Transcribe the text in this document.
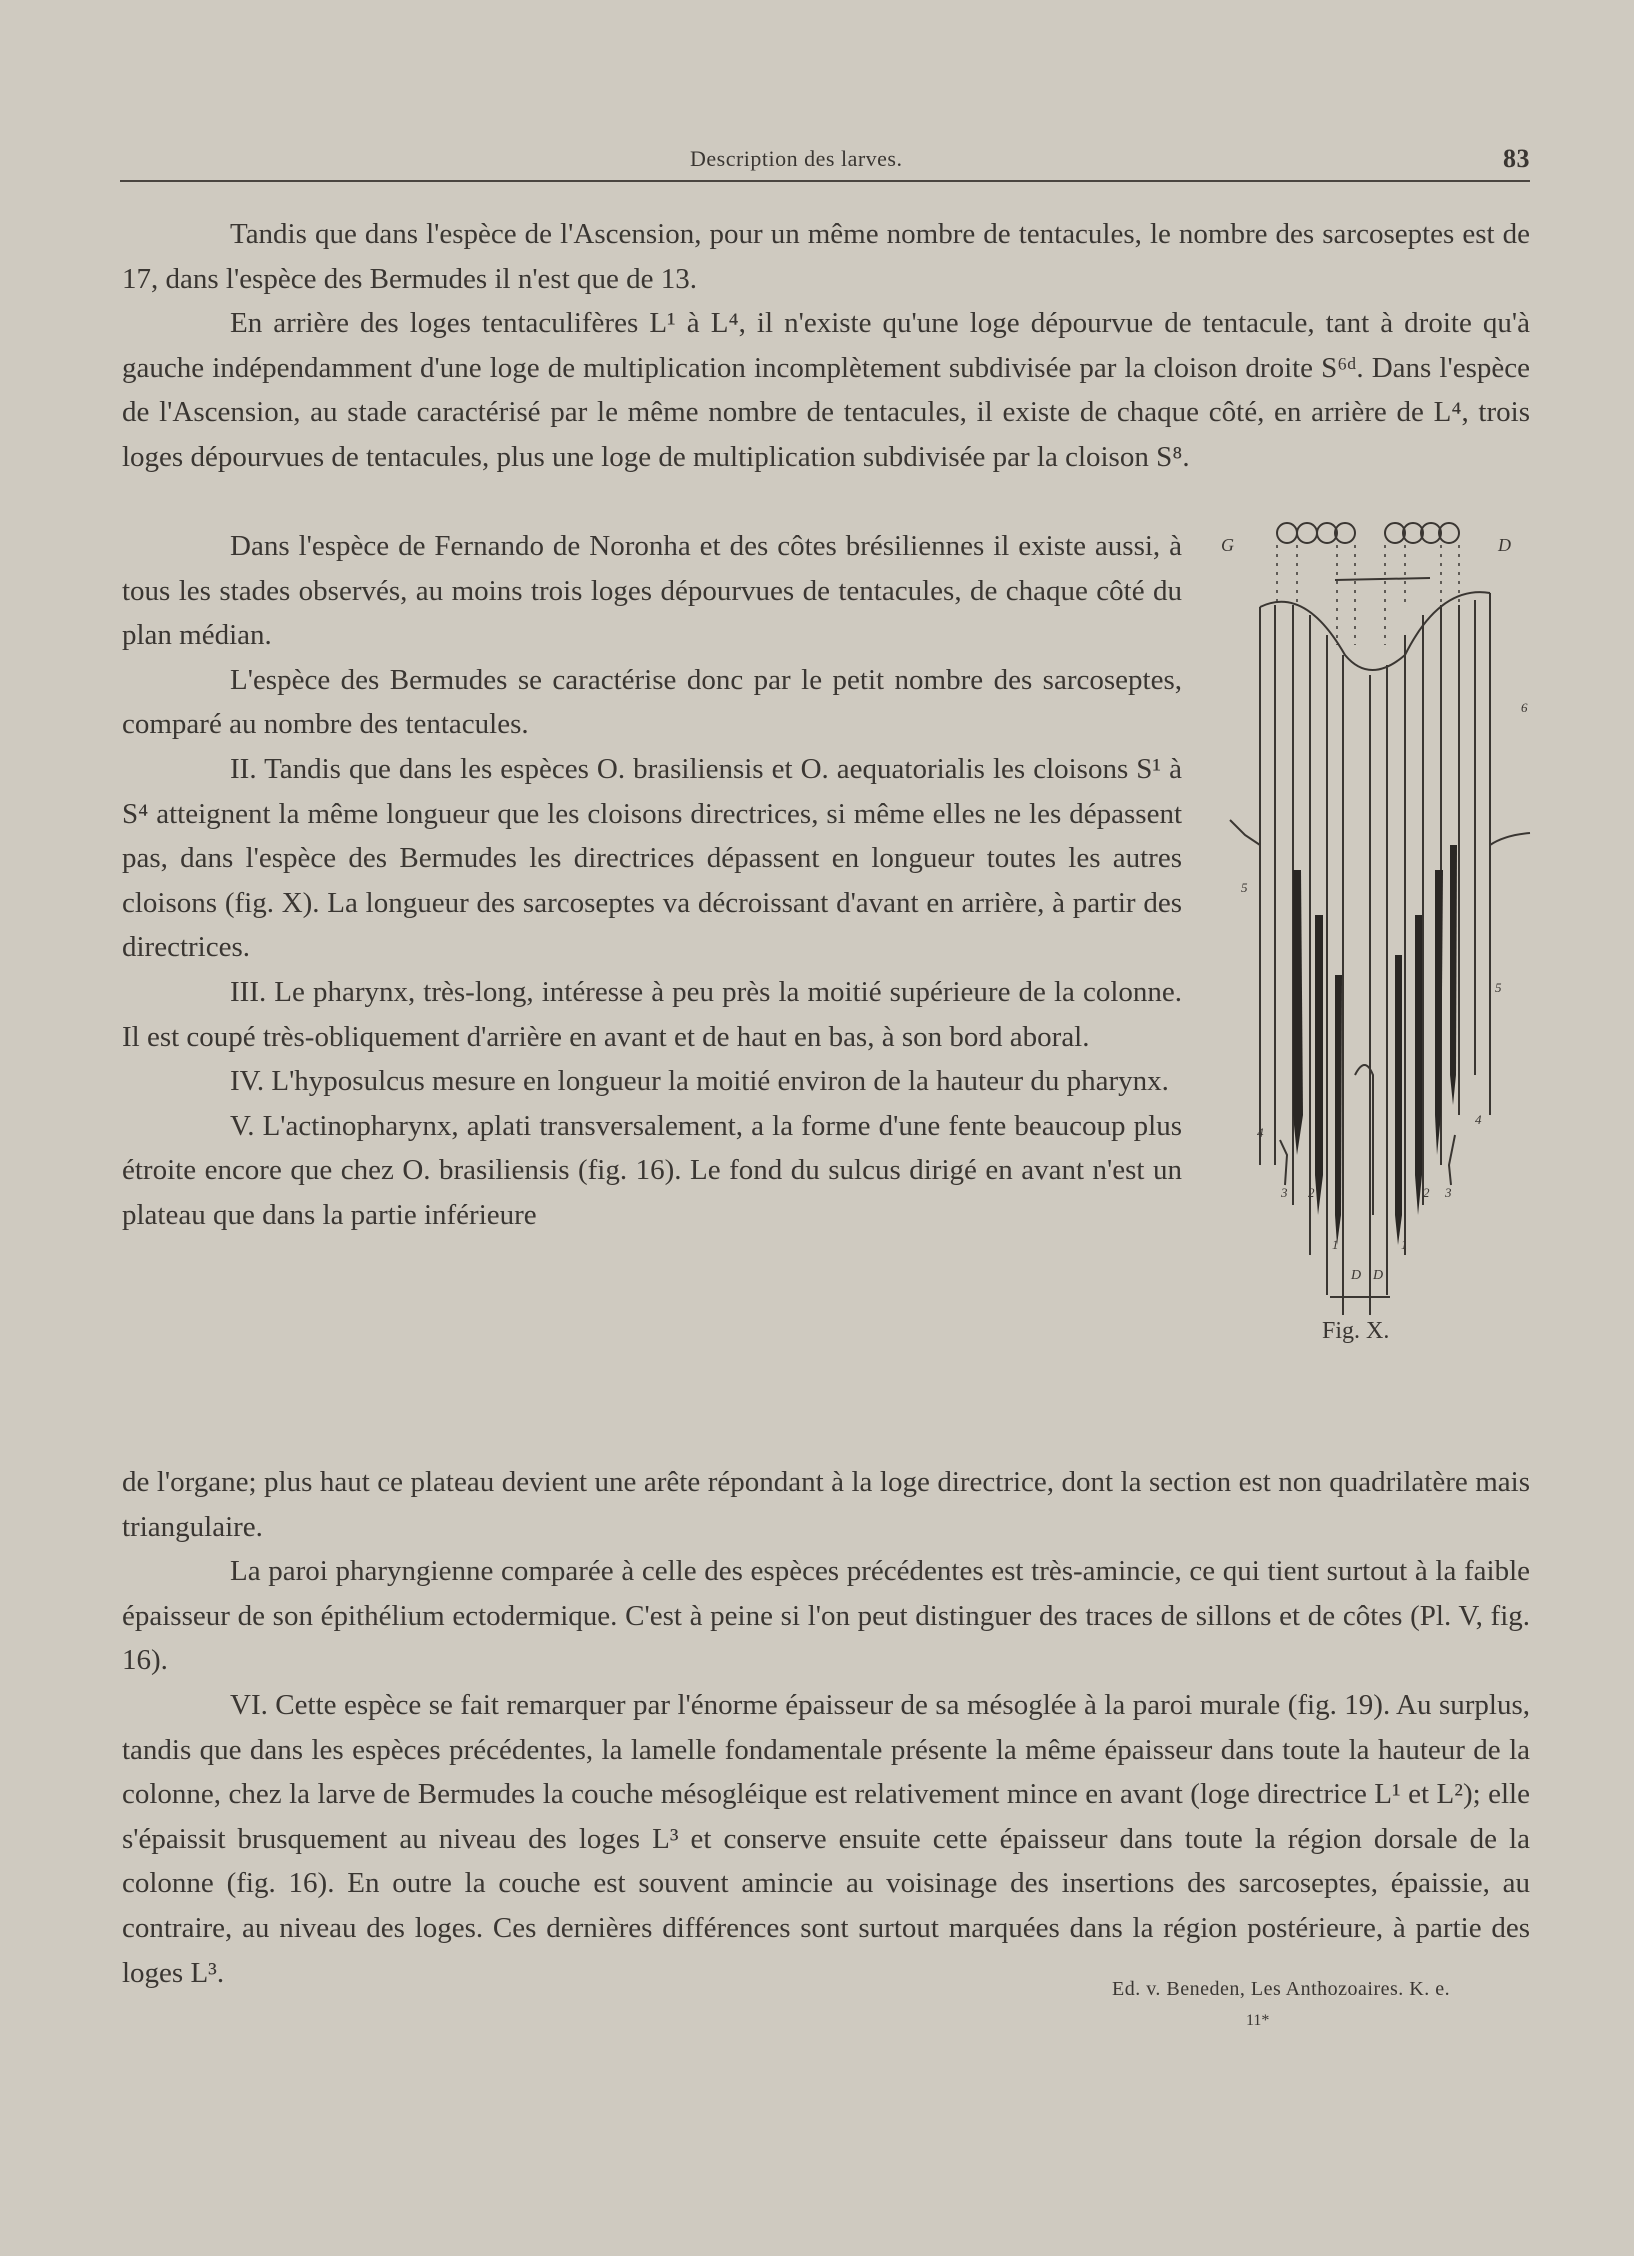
Description des larves.	83

Tandis que dans l'espèce de l'Ascension, pour un même nombre de tentacules, le nombre des sarcoseptes est de 17, dans l'espèce des Bermudes il n'est que de 13.

En arrière des loges tentaculifères L¹ à L⁴, il n'existe qu'une loge dépourvue de tentacule, tant à droite qu'à gauche indépendamment d'une loge de multiplication incomplètement subdivisée par la cloison droite S⁶ᵈ. Dans l'espèce de l'Ascension, au stade caractérisé par le même nombre de tentacules, il existe de chaque côté, en arrière de L⁴, trois loges dépourvues de tentacules, plus une loge de multiplication subdivisée par la cloison S⁸.

Dans l'espèce de Fernando de Noronha et des côtes brésiliennes il existe aussi, à tous les stades observés, au moins trois loges dépourvues de tentacules, de chaque côté du plan médian.

L'espèce des Bermudes se caractérise donc par le petit nombre des sarcoseptes, comparé au nombre des tentacules.

II. Tandis que dans les espèces O. brasiliensis et O. aequatorialis les cloisons S¹ à S⁴ atteignent la même longueur que les cloisons directrices, si même elles ne les dépassent pas, dans l'espèce des Bermudes les directrices dépassent en longueur toutes les autres cloisons (fig. X). La longueur des sarcoseptes va décroissant d'avant en arrière, à partir des directrices.

III. Le pharynx, très-long, intéresse à peu près la moitié supérieure de la colonne. Il est coupé très-obliquement d'arrière en avant et de haut en bas, à son bord aboral.

IV. L'hyposulcus mesure en longueur la moitié environ de la hauteur du pharynx.

V. L'actinopharynx, aplati transversalement, a la forme d'une fente beaucoup plus étroite encore que chez O. brasiliensis (fig. 16). Le fond du sulcus dirigé en avant n'est un plateau que dans la partie inférieure

de l'organe; plus haut ce plateau devient une arête répondant à la loge directrice, dont la section est non quadrilatère mais triangulaire.

La paroi pharyngienne comparée à celle des espèces précédentes est très-amincie, ce qui tient surtout à la faible épaisseur de son épithélium ectodermique. C'est à peine si l'on peut distinguer des traces de sillons et de côtes (Pl. V, fig. 16).

VI. Cette espèce se fait remarquer par l'énorme épaisseur de sa mésoglée à la paroi murale (fig. 19). Au surplus, tandis que dans les espèces précédentes, la lamelle fondamentale présente la même épaisseur dans toute la hauteur de la colonne, chez la larve de Bermudes la couche mésogléique est relativement mince en avant (loge directrice L¹ et L²); elle s'épaissit brusquement au niveau des loges L³ et conserve ensuite cette épaisseur dans toute la région dorsale de la colonne (fig. 16). En outre la couche est souvent amincie au voisinage des insertions des sarcoseptes, épaissie, au contraire, au niveau des loges. Ces dernières différences sont surtout marquées dans la région postérieure, à partie des loges L³.

G	D
5
4
3 2
1
6
5
4
2 3
1
D D
Fig. X.
Ed. v. Beneden, Les Anthozoaires. K. e.
11*
